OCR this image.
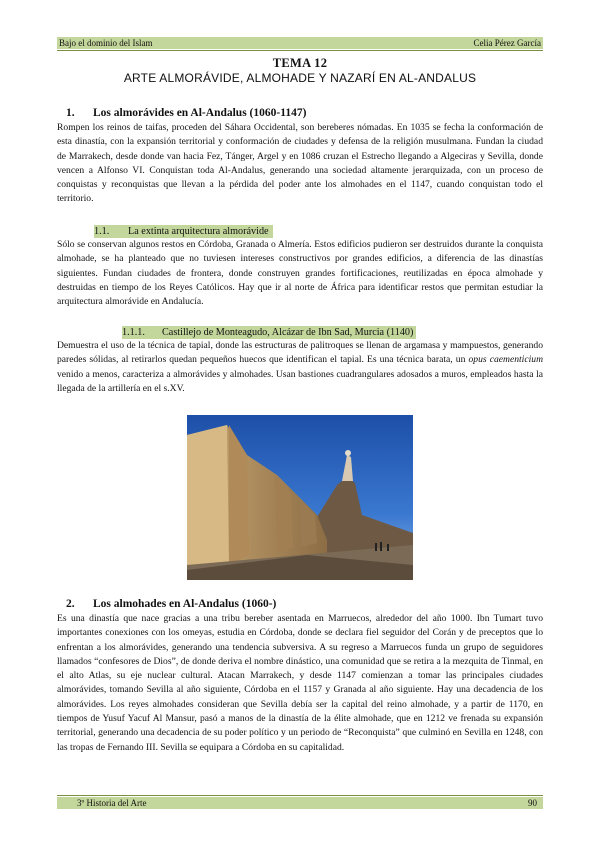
Bajo el dominio del Islam	Celia Pérez García
TEMA 12
ARTE ALMORÁVIDE, ALMOHADE Y NAZARÍ EN AL-ANDALUS
1. Los almorávides en Al-Andalus (1060-1147)

Rompen los reinos de taifas, proceden del Sáhara Occidental, son bereberes nómadas. En 1035 se fecha la conformación de esta dinastía, con la expansión territorial y conformación de ciudades y defensa de la religión musulmana. Fundan la ciudad de Marrakech, desde donde van hacia Fez, Tánger, Argel y en 1086 cruzan el Estrecho llegando a Algeciras y Sevilla, donde vencen a Alfonso VI. Conquistan toda Al-Andalus, generando una sociedad altamente jerarquizada, con un proceso de conquistas y reconquistas que llevan a la pérdida del poder ante los almohades en el 1147, cuando conquistan todo el territorio.

1.1. La extinta arquitectura almorávide

Sólo se conservan algunos restos en Córdoba, Granada o Almería. Estos edificios pudieron ser destruidos durante la conquista almohade, se ha planteado que no tuviesen intereses constructivos por grandes edificios, a diferencia de las dinastías siguientes. Fundan ciudades de frontera, donde construyen grandes fortificaciones, reutilizadas en época almohade y destruidas en tiempo de los Reyes Católicos. Hay que ir al norte de África para identificar restos que permitan estudiar la arquitectura almorávide en Andalucía.

1.1.1. Castillejo de Monteagudo, Alcázar de Ibn Sad, Murcia (1140)

Demuestra el uso de la técnica de tapial, donde las estructuras de palitroques se llenan de argamasa y mampuestos, generando paredes sólidas, al retirarlos quedan pequeños huecos que identifican el tapial. Es una técnica barata, un opus caementicium venido a menos, caracteriza a almorávides y almohades. Usan bastiones cuadrangulares adosados a muros, empleados hasta la llegada de la artillería en el s.XV.

2. Los almohades en Al-Andalus (1060-)

Es una dinastía que nace gracias a una tribu bereber asentada en Marruecos, alrededor del año 1000. Ibn Tumart tuvo importantes conexiones con los omeyas, estudia en Córdoba, donde se declara fiel seguidor del Corán y de preceptos que lo enfrentan a los almorávides, generando una tendencia subversiva. A su regreso a Marruecos funda un grupo de seguidores llamados “confesores de Dios”, de donde deriva el nombre dinástico, una comunidad que se retira a la mezquita de Tinmal, en el alto Atlas, su eje nuclear cultural. Atacan Marrakech, y desde 1147 comienzan a tomar las principales ciudades almorávides, tomando Sevilla al año siguiente, Córdoba en el 1157 y Granada al año siguiente. Hay una decadencia de los almorávides. Los reyes almohades consideran que Sevilla debía ser la capital del reino almohade, y a partir de 1170, en tiempos de Yusuf Yacuf Al Mansur, pasó a manos de la dinastía de la élite almohade, que en 1212 ve frenada su expansión territorial, generando una decadencia de su poder político y un periodo de “Reconquista” que culminó en Sevilla en 1248, con las tropas de Fernando III. Sevilla se equipara a Córdoba en su capitalidad.

3º Historia del Arte	90
